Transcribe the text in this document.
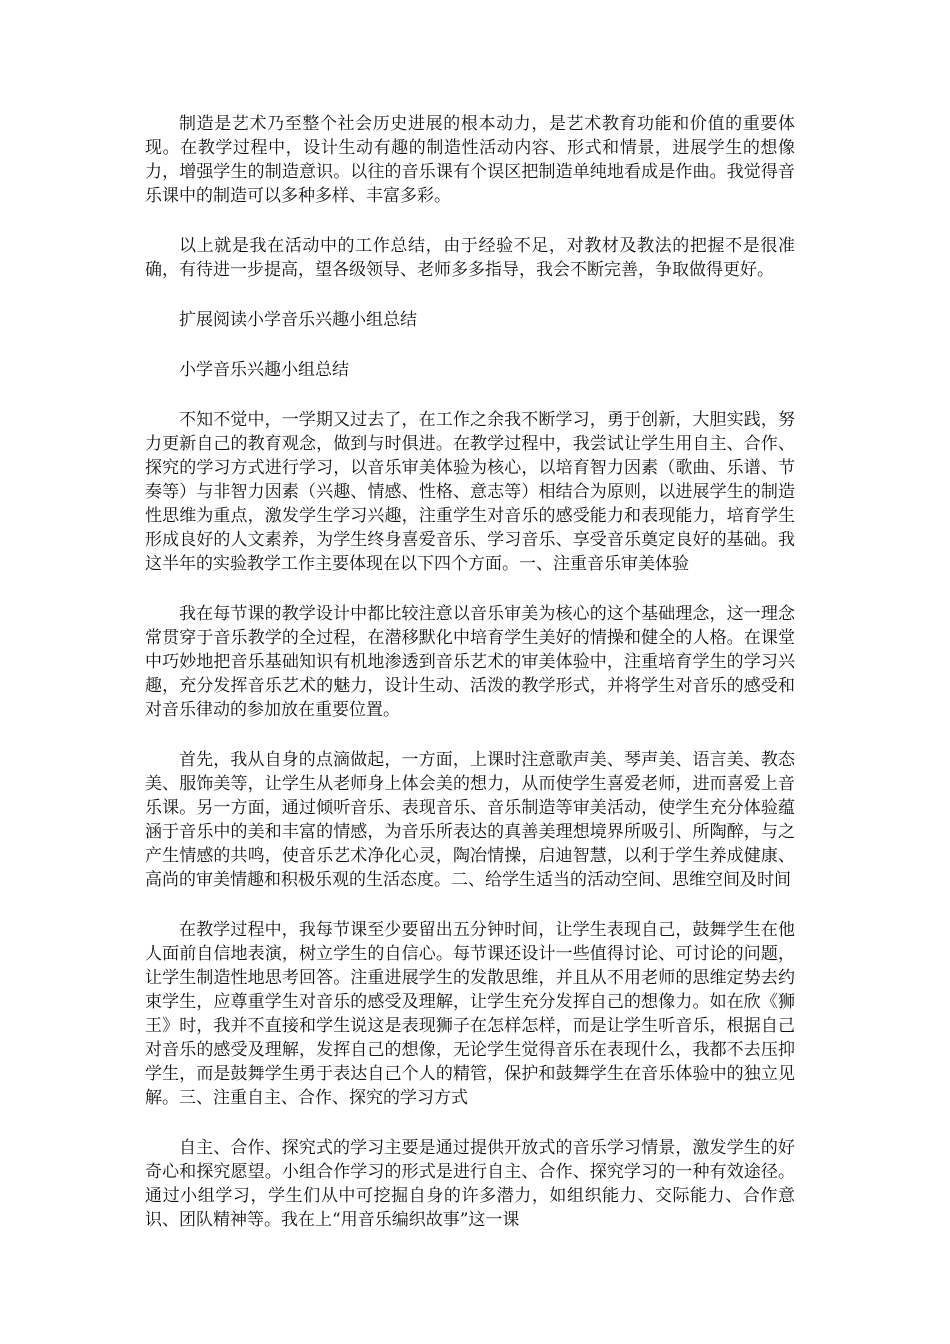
制造是艺术乃至整个社会历史进展的根本动力，是艺术教育功能和价值的重要体现。在教学过程中，设计生动有趣的制造性活动内容、形式和情景，进展学生的想像力，增强学生的制造意识。以往的音乐课有个误区把制造单纯地看成是作曲。我觉得音乐课中的制造可以多种多样、丰富多彩。

以上就是我在活动中的工作总结，由于经验不足，对教材及教法的把握不是很准确，有待进一步提高，望各级领导、老师多多指导，我会不断完善，争取做得更好。

扩展阅读小学音乐兴趣小组总结

小学音乐兴趣小组总结

不知不觉中，一学期又过去了，在工作之余我不断学习，勇于创新，大胆实践，努力更新自己的教育观念，做到与时俱进。在教学过程中，我尝试让学生用自主、合作、探究的学习方式进行学习，以音乐审美体验为核心，以培育智力因素（歌曲、乐谱、节奏等）与非智力因素（兴趣、情感、性格、意志等）相结合为原则，以进展学生的制造性思维为重点，激发学生学习兴趣，注重学生对音乐的感受能力和表现能力，培育学生形成良好的人文素养，为学生终身喜爱音乐、学习音乐、享受音乐奠定良好的基础。我这半年的实验教学工作主要体现在以下四个方面。一、注重音乐审美体验

我在每节课的教学设计中都比较注意以音乐审美为核心的这个基础理念，这一理念常贯穿于音乐教学的全过程，在潜移默化中培育学生美好的情操和健全的人格。在课堂中巧妙地把音乐基础知识有机地渗透到音乐艺术的审美体验中，注重培育学生的学习兴趣，充分发挥音乐艺术的魅力，设计生动、活泼的教学形式，并将学生对音乐的感受和对音乐律动的参加放在重要位置。

首先，我从自身的点滴做起，一方面，上课时注意歌声美、琴声美、语言美、教态美、服饰美等，让学生从老师身上体会美的想力，从而使学生喜爱老师，进而喜爱上音乐课。另一方面，通过倾听音乐、表现音乐、音乐制造等审美活动，使学生充分体验蕴涵于音乐中的美和丰富的情感，为音乐所表达的真善美理想境界所吸引、所陶醉，与之产生情感的共鸣，使音乐艺术净化心灵，陶冶情操，启迪智慧，以利于学生养成健康、高尚的审美情趣和积极乐观的生活态度。二、给学生适当的活动空间、思维空间及时间

在教学过程中，我每节课至少要留出五分钟时间，让学生表现自己，鼓舞学生在他人面前自信地表演，树立学生的自信心。每节课还设计一些值得讨论、可讨论的问题，让学生制造性地思考回答。注重进展学生的发散思维，并且从不用老师的思维定势去约束学生，应尊重学生对音乐的感受及理解，让学生充分发挥自己的想像力。如在欣《狮王》时，我并不直接和学生说这是表现狮子在怎样怎样，而是让学生听音乐，根据自己对音乐的感受及理解，发挥自己的想像，无论学生觉得音乐在表现什么，我都不去压抑学生，而是鼓舞学生勇于表达自己个人的精管，保护和鼓舞学生在音乐体验中的独立见解。三、注重自主、合作、探究的学习方式

自主、合作、探究式的学习主要是通过提供开放式的音乐学习情景，激发学生的好奇心和探究愿望。小组合作学习的形式是进行自主、合作、探究学习的一种有效途径。通过小组学习，学生们从中可挖掘自身的许多潜力，如组织能力、交际能力、合作意识、团队精神等。我在上“用音乐编织故事”这一课
